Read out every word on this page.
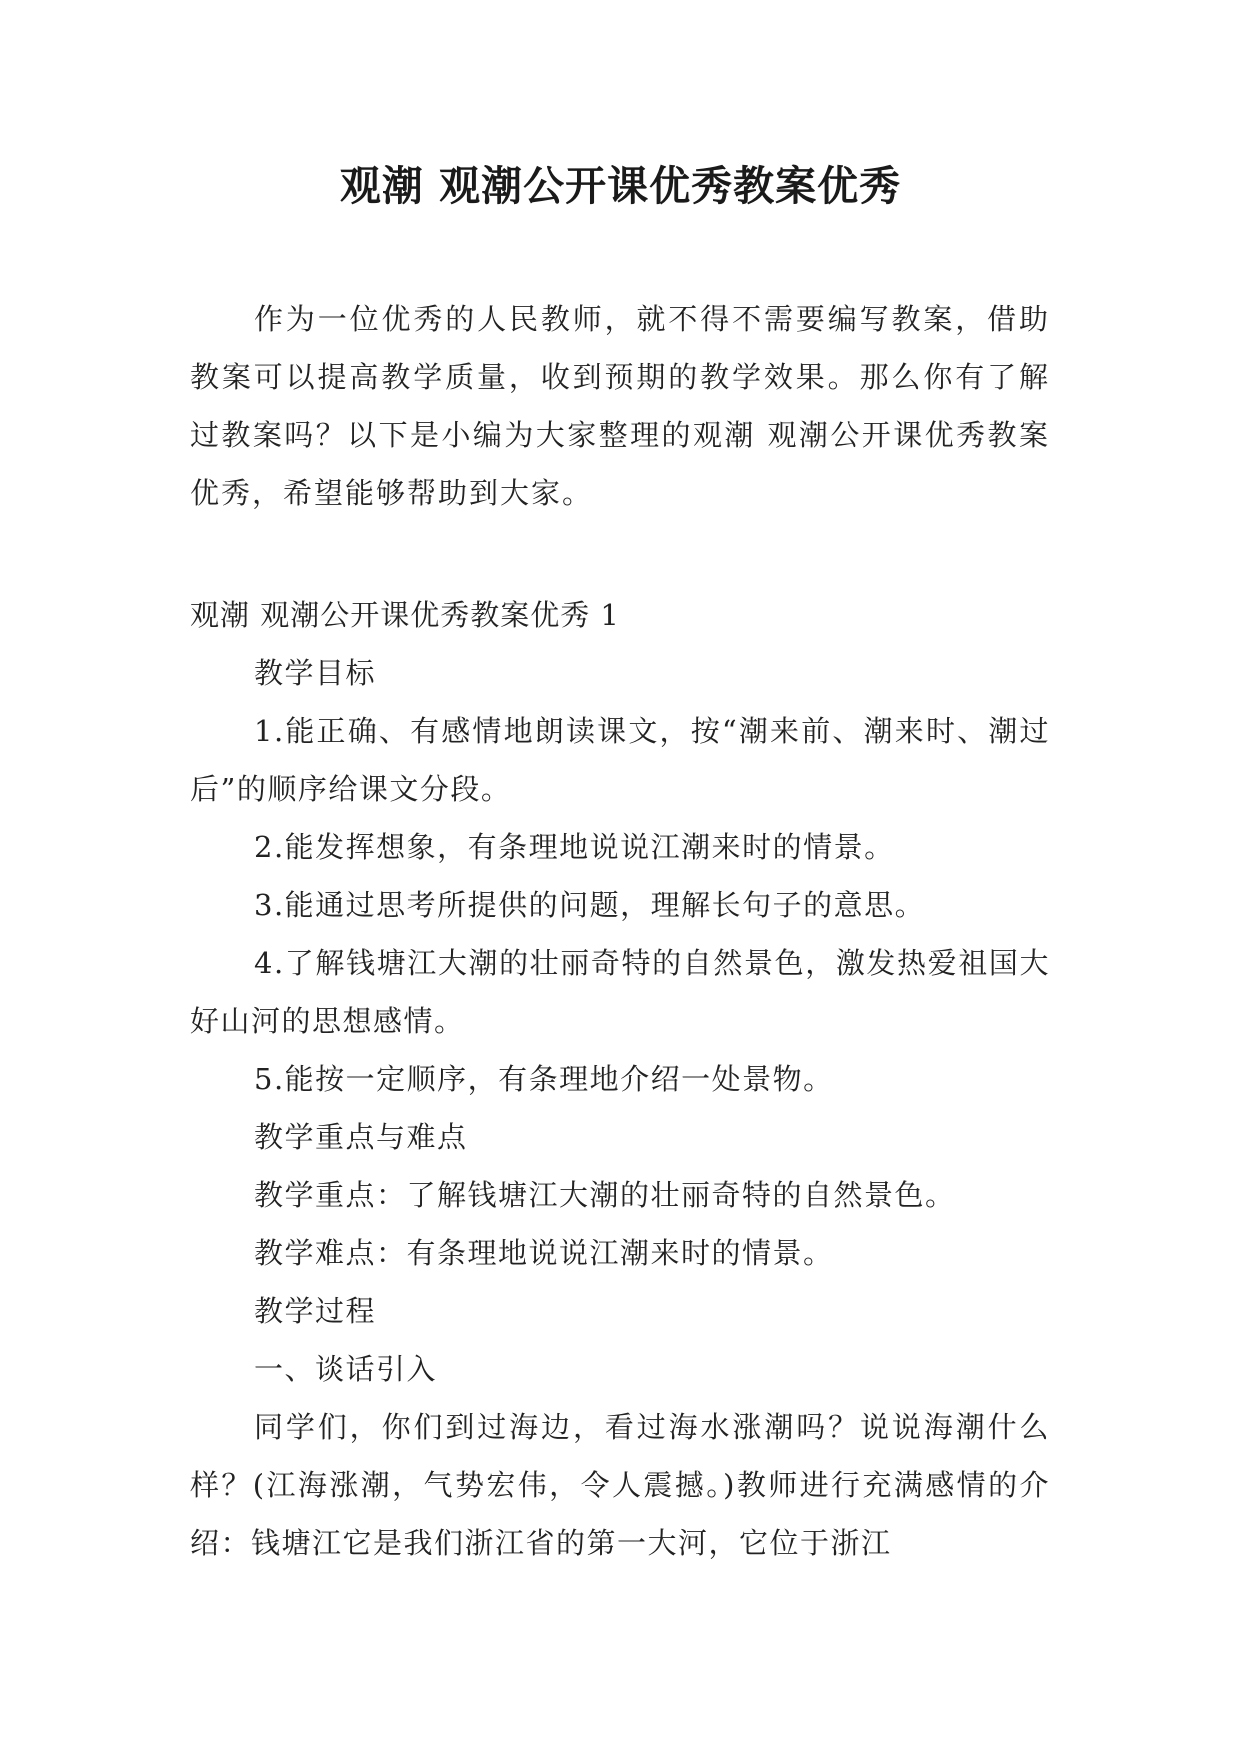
观潮 观潮公开课优秀教案优秀

作为一位优秀的人民教师，就不得不需要编写教案，借助教案可以提高教学质量，收到预期的教学效果。那么你有了解过教案吗？以下是小编为大家整理的观潮 观潮公开课优秀教案优秀，希望能够帮助到大家。

观潮 观潮公开课优秀教案优秀 1

教学目标

1.能正确、有感情地朗读课文，按“潮来前、潮来时、潮过后”的顺序给课文分段。

2.能发挥想象，有条理地说说江潮来时的情景。

3.能通过思考所提供的问题，理解长句子的意思。

4.了解钱塘江大潮的壮丽奇特的自然景色，激发热爱祖国大好山河的思想感情。

5.能按一定顺序，有条理地介绍一处景物。

教学重点与难点

教学重点：了解钱塘江大潮的壮丽奇特的自然景色。

教学难点：有条理地说说江潮来时的情景。

教学过程

一、谈话引入

同学们，你们到过海边，看过海水涨潮吗？说说海潮什么样？(江海涨潮，气势宏伟，令人震撼。)教师进行充满感情的介绍：钱塘江它是我们浙江省的第一大河，它位于浙江
